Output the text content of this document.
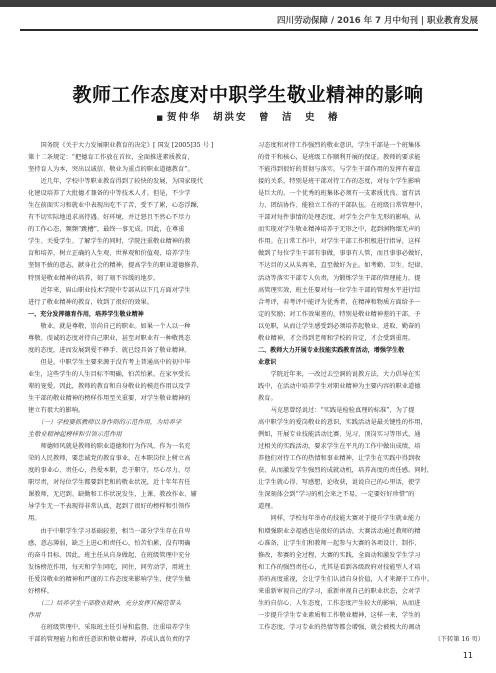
四川劳动保障 / 2016 年 7 月中旬刊 | 职业教育发展
教师工作态度对中职学生敬业精神的影响
■ 贺仲华　胡洪安　曾　洁　史　椿
　　国务院《关于大力发展职业教育的决定》[ 国发 [2005]35 号 ]
第十二条规定：“把德育工作放在首位，全面推进素质教育，
坚持育人为本，突出以诚信、敬业为重点的职业道德教育”。
　　近几年，学校中等职业教育得到了较快的发展，为国家现代
化建设培养了大批德才兼备的中等技术人才。但是，不少学
生在前面实习和就业中表现出吃不了苦，受不了累，心态浮躁，
有不切实际地追求高待遇、好环境，并迁怒且不然心不尽力
的工作心态，频频“跳槽”，最终一事无成。因此，在尊重
学生、关爱学生、了解学生的同时，学院注重敬业精神的教
育和培养，树立正确的人生观、世界观和价值观，培养学生
坚韧不拔的意志，献身社会的精神，提高学生的职业道德修养，
特别是敬业精神的培养，刻了刻不容缓的地步。
　　近年来，眉山职业技术学院中专部从以下几方面对学生
进行了敬业精神的教育，收到了很好的效果。
一、充分发挥德育作用，培养学生敬业精神
　　敬业，就是尊敬，崇尚自己的职业。如果一个人以一种
尊敬、虔诚的态度对待自己职业，甚至对职业有一种敬畏态
度的态度，进而发展到爱不释手、就已经具备了敬业精神。
　　但是，中职学生主要来源于没有考上普通高中的初中毕
业生，这些学生的人生目标不明确，怕苦怕累，在家享受长
辈的宠爱。因此，教师的教育和自身敬业的模范作用以及学
生干部的敬业精神的榜样作用至关重要，对学生敬业精神的
建立有很大的影响。
　　（一）学校要抓教师以身作则的示范作用，为培养学
生敬业精神起榜样和引领示范作用
　　师德师风就是教师的职业道德和行为作风，作为一名充
荣的人民教师，要忠诚党的教育事业，在本职岗位上树立高
度的事业心、责任心，热爱本职，忠于职守，尽心尽力，尽
职尽责，对每位学生都要到老和的敬业状况，近十年年有任
课教师，无迟到、缺勤和工作状况发生，上课、教改作业、辅
导学生无一不表现得非常认真，起到了很好的榜样和引领作
用。
　　由于中职学生学习基础较差，相当一部分学生存在自卑
感，意志薄弱，缺乏上进心和责任心，怕苦怕累，没有明确
的奋斗目标。因此，班主任从自身做起，在班级管理中充分
发扬榜范作用，每天和学生同吃，同住，同劳动学，用班主
任爱岗敬业的精神和严谨的工作态度来影响学生，使学生做
好榜样。
　　（二）培养学生干部敬业精神，充分发挥其模范带头
作用
　　在班级管理中，采取班主任引导和监督，注重培养学生
干部的管理能力和责任意识和敬业精神，养成认真负责的学
习态度和对待工作强烈的敬业意识，学生干部是一个班集体
的骨干和核心，是班级工作顺利开展的保证。教师的要求能
不能得到很好的贯彻与落实，与学生干部作用的发挥有着直
接的关系，特别是班干部对待工作的态度，对每个学生影响
是巨大的。一个优秀的班集体必须有一支素质优良、富有活
力、团结协作、能独立工作的干部队伍。在班级日常管理中，
干部对每件事情的处理态度，对学生会产生无形的影响，从
而实现对学生敬业精神培养于无形之中，起到润物细无声的
作用。在日常工作中，对学生干部工作积极进行指导，这样
做到了每位学生干部有事做，事事有人管，而且事事必做好，
不达目的又从头再来，直至做好为止。如考勤、卫生、纪律、
活动等落实干部专人负责，为锻炼学生干部的管理能力，提
高管理实效，班主任要对每一位学生干部的管理水平进行综
合考评，若考评中能评为优秀者，在精神和物质方面给予一
定的奖励；对工作效果差的，特别是敬业精神差的干部，予
以免职，从而让学生感受到必须培养起敬业、进取、勤奋的
敬业精神，才会得到老师和学校的肯定，才会受到重用。
二、教师大力开展专业技能实践教育活动，增强学生敬
业意识
　　学院近年来，一改过去空洞的说教方法，大力倡导在实
践中，在活动中培养学生对职业精神为主要内容的职业道德
教育。
　　马克思曾经说过：“实践是检验真理的标准”，为了提
高中职学生的爱岗敬业的意识，实践活动是最关键性的作用，
例如，开展专业技能活动比赛、见习、顶岗实习等形式，通
过相关的实践活动，要求学生在平凡的工作中做出成绩，培
养他们对待工作的热情和事业精神，让学生在实践中得到收
获，从而激发学生强烈的成就动机，培养高度的责任感。同时，
让学生就心得、写感想，论收获，说说自己的心里话，使学
生深刻体会到“学习的机会来之不易，一定要好好珍惜”的
道理。
　　同样，学校每年举办的技能大赛对于提升学生就业能力
和增强职业幸福感也是很好的活动。大赛活动通过教师的精
心准备，让学生们和教师一起参与大赛的各项设计、制作、
修改，参赛的全过程，大赛的实践，全面动和激发学生学习
和工作的强烈责任心，尤其是看到各级政府对技能型人才培
养的高度重视，会让学生们认清自身价值，人才来源于工作中。
来重新审视自己的学习，重新审视自己的职业状态，会对学
生的自信心、人生态度，工作态度产生较大的影响，从而进
一步提升学生专业素质和工作敬业精神，这样一来，学生的
工作态度，学习专业的热情等都会增强，就会被极大的调动
（下转第 16 页）
11
